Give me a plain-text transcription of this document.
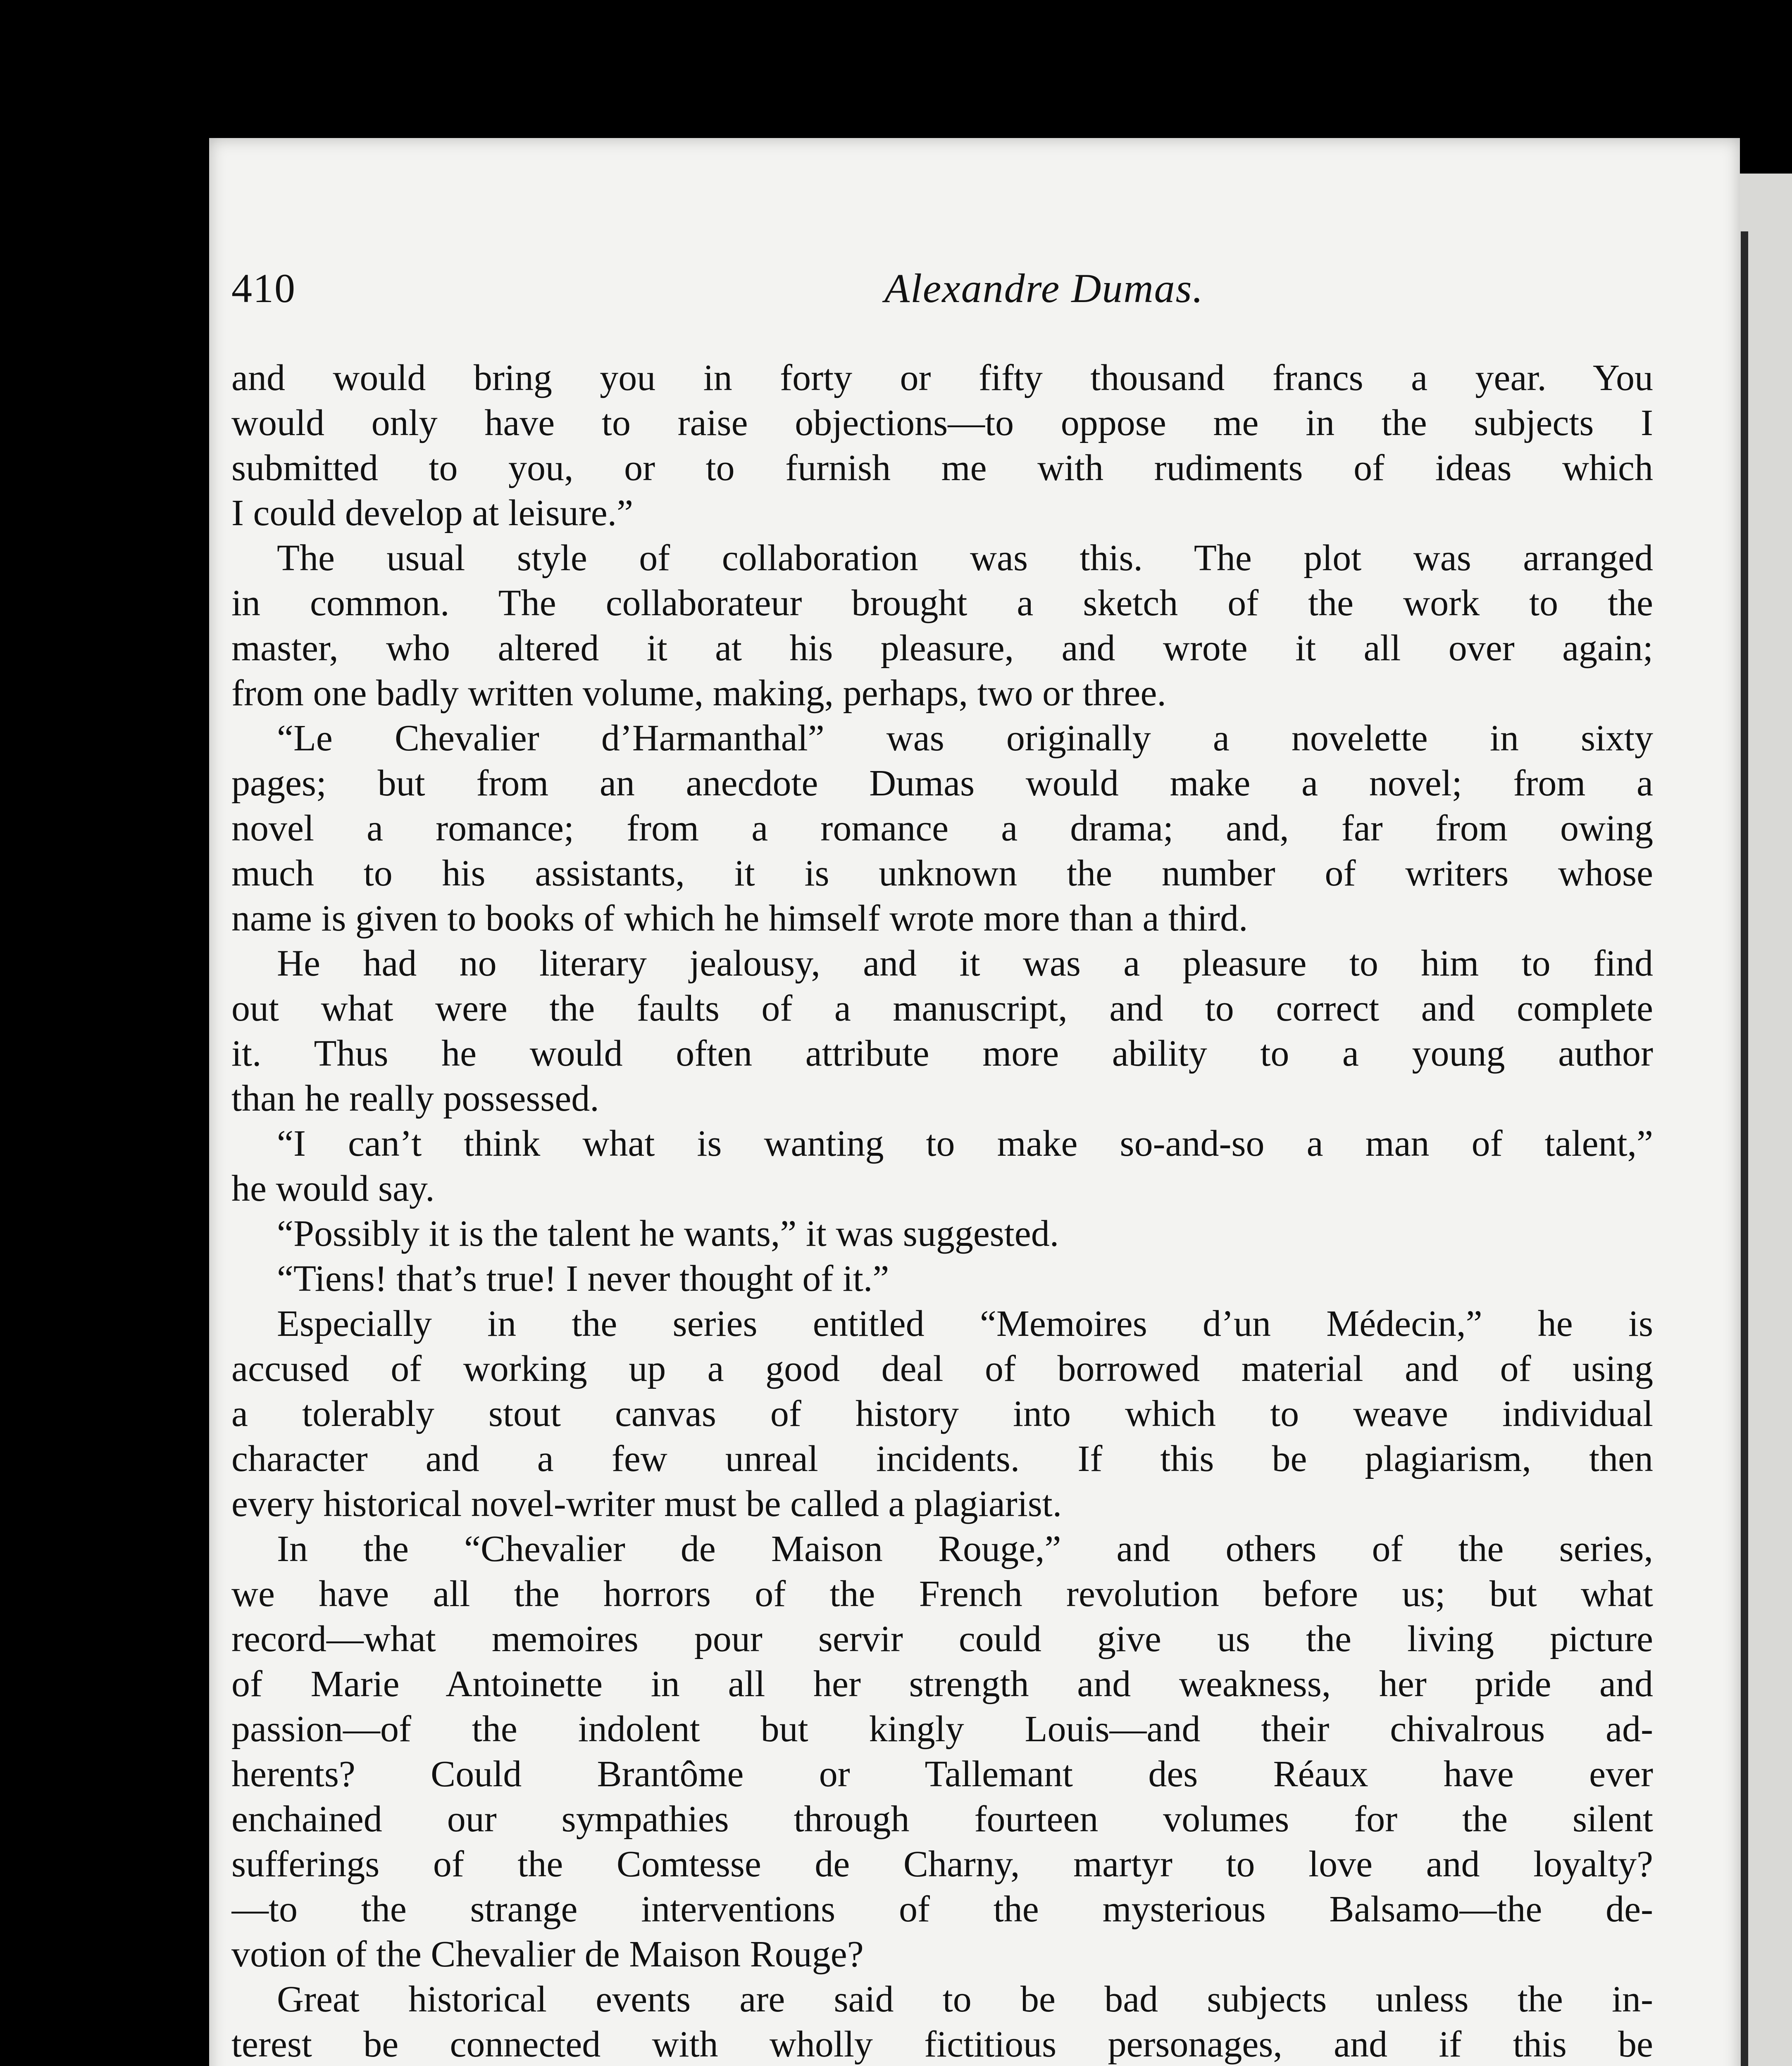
410	Alexandre Dumas.
and would bring you in forty or fifty thousand francs a year. You
would only have to raise objections—to oppose me in the subjects I
submitted to you, or to furnish me with rudiments of ideas which
I could develop at leisure.”
The usual style of collaboration was this. The plot was arranged
in common. The collaborateur brought a sketch of the work to the
master, who altered it at his pleasure, and wrote it all over again;
from one badly written volume, making, perhaps, two or three.
“Le Chevalier d’Harmanthal” was originally a novelette in sixty
pages; but from an anecdote Dumas would make a novel; from a
novel a romance; from a romance a drama; and, far from owing
much to his assistants, it is unknown the number of writers whose
name is given to books of which he himself wrote more than a third.
He had no literary jealousy, and it was a pleasure to him to find
out what were the faults of a manuscript, and to correct and complete
it. Thus he would often attribute more ability to a young author
than he really possessed.
“I can’t think what is wanting to make so-and-so a man of talent,”
he would say.
“Possibly it is the talent he wants,” it was suggested.
“Tiens! that’s true! I never thought of it.”
Especially in the series entitled “Memoires d’un Médecin,” he is
accused of working up a good deal of borrowed material and of using
a tolerably stout canvas of history into which to weave individual
character and a few unreal incidents. If this be plagiarism, then
every historical novel-writer must be called a plagiarist.
In the “Chevalier de Maison Rouge,” and others of the series,
we have all the horrors of the French revolution before us; but what
record—what memoires pour servir could give us the living picture
of Marie Antoinette in all her strength and weakness, her pride and
passion—of the indolent but kingly Louis—and their chivalrous ad-
herents? Could Brantôme or Tallemant des Réaux have ever
enchained our sympathies through fourteen volumes for the silent
sufferings of the Comtesse de Charny, martyr to love and loyalty?
—to the strange interventions of the mysterious Balsamo—the de-
votion of the Chevalier de Maison Rouge?
Great historical events are said to be bad subjects unless the in-
terest be connected with wholly fictitious personages, and if this be
